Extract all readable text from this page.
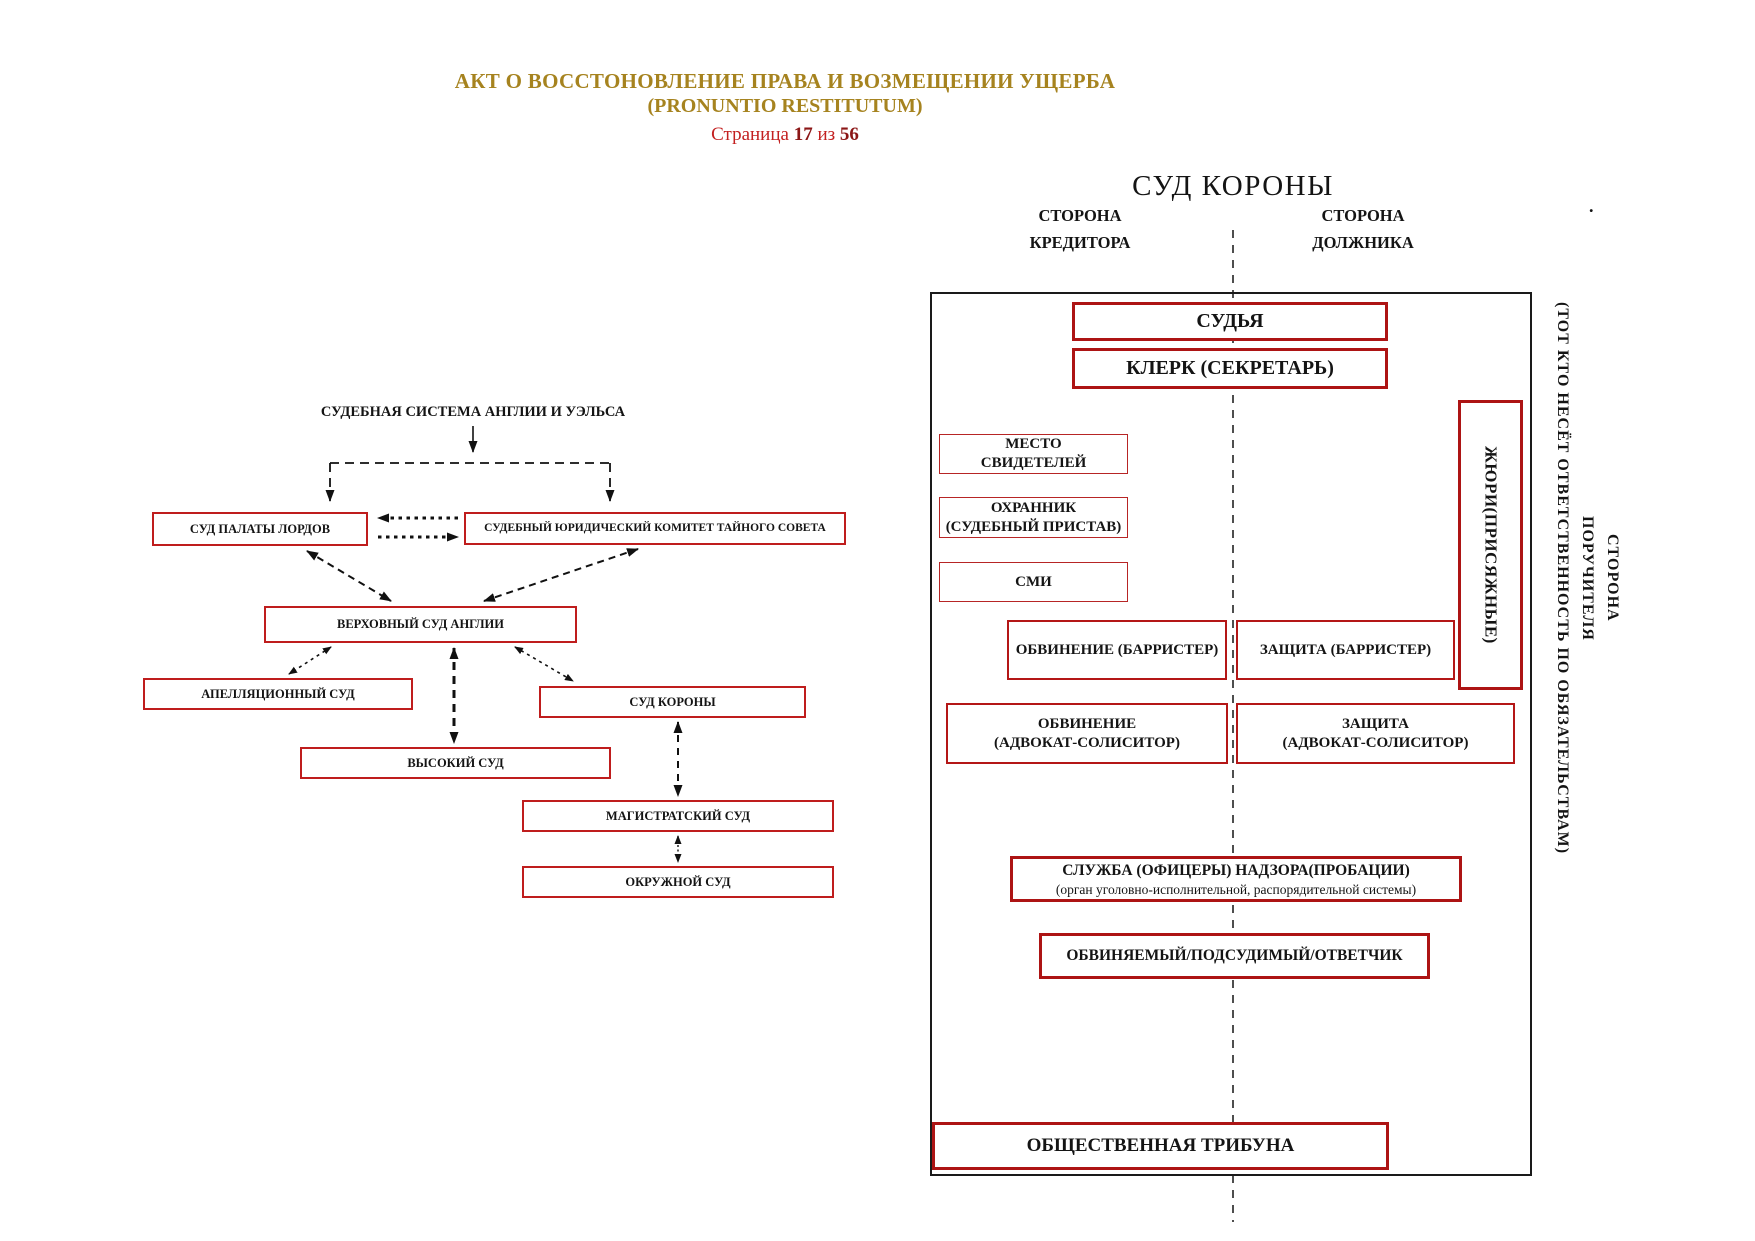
АКТ О ВОССТОНОВЛЕНИЕ ПРАВА И ВОЗМЕЩЕНИИ УЩЕРБА
(PRONUNTIO RESTITUTUM)
Страница 17 из 56
СУДЕБНАЯ СИСТЕМА АНГЛИИ И УЭЛЬСА
СУД ПАЛАТЫ ЛОРДОВ	СУДЕБНЫЙ ЮРИДИЧЕСКИЙ КОМИТЕТ ТАЙНОГО СОВЕТА
ВЕРХОВНЫЙ СУД АНГЛИИ
АПЕЛЛЯЦИОННЫЙ СУД
СУД КОРОНЫ
ВЫСОКИЙ СУД
МАГИСТРАТСКИЙ СУД
ОКРУЖНОЙ СУД
СУД КОРОНЫ
СТОРОНА
КРЕДИТОРА
СТОРОНА
ДОЛЖНИКА
.
СУДЬЯ
КЛЕРК (СЕКРЕТАРЬ)
МЕСТО
СВИДЕТЕЛЕЙ
ОХРАННИК
(СУДЕБНЫЙ ПРИСТАВ)
СМИ
ОБВИНЕНИЕ (БАРРИСТЕР)	ЗАЩИТА (БАРРИСТЕР)
ОБВИНЕНИЕ
(АДВОКАТ-СОЛИСИТОР)
ЗАЩИТА
(АДВОКАТ-СОЛИСИТОР)
ЖЮРИ(ПРИСЯЖНЫЕ)
СЛУЖБА (ОФИЦЕРЫ) НАДЗОРА(ПРОБАЦИИ)
(орган уголовно-исполнительной, распорядительной системы)
ОБВИНЯЕМЫЙ/ПОДСУДИМЫЙ/ОТВЕТЧИК
ОБЩЕСТВЕННАЯ ТРИБУНА
СТОРОНА
ПОРУЧИТЕЛЯ
(ТОТ КТО НЕСЁТ ОТВЕТСТВЕННОСТЬ ПО ОБЯЗАТЕЛЬСТВАМ)
